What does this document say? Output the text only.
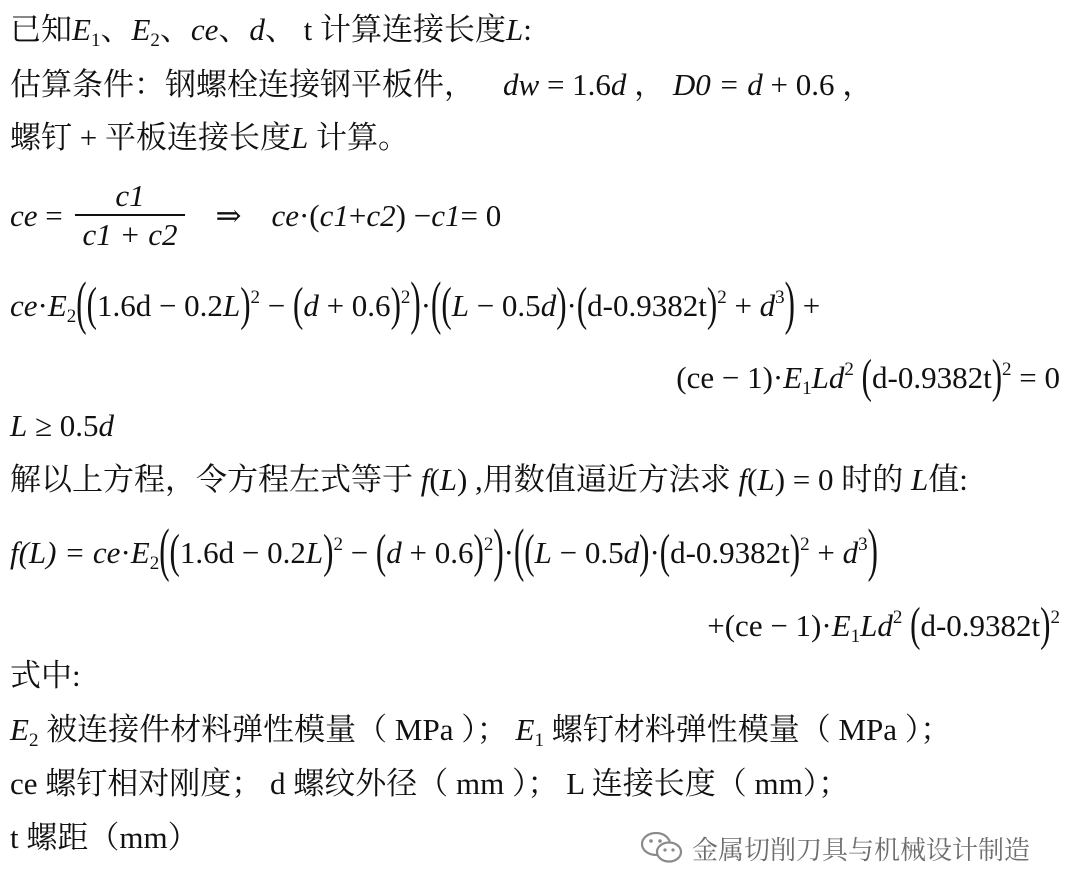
已知$E_1$、$E_2$、ce、d、 t 计算连接长度L:
估算条件：钢螺栓连接钢平板件， dw = 1.6d ， D0 = d + 0.6 ，
螺钉 + 平板连接长度L 计算。
ce = $\frac{c1}{c1 + c2}$ ⇒ ce ·( c1 + c2 ) − c1 = 0
$ce\cdot E_2((1.6d - 0.2L)^2 - (d + 0.6)^2)\cdot((L - 0.5d)\cdot(d-0.9382t)^2 + d^3)$ +
$(ce - 1)\cdot E_1Ld^2$ $(d-0.9382t)^2 = 0$
L ≥ 0.5d
解以上方程，令方程左式等于 f(L) ,用数值逼近方法求 f(L) = 0 时的 L值:
$f(L) = ce\cdot E_2((1.6d - 0.2L)^2 - (d + 0.6)^2)\cdot((L - 0.5d)\cdot(d-0.9382t)^2 + d^3)$
$+(ce - 1)\cdot E_1Ld^2$ $(d-0.9382t)^2$
式中:
$E_2$ 被连接件材料弹性模量（ MPa ）； $E_1$ 螺钉材料弹性模量（ MPa ）；
ce 螺钉相对刚度； d 螺纹外径（ mm ）； L 连接长度（ mm）；
t 螺距（mm）	金属切削刀具与机械设计制造
